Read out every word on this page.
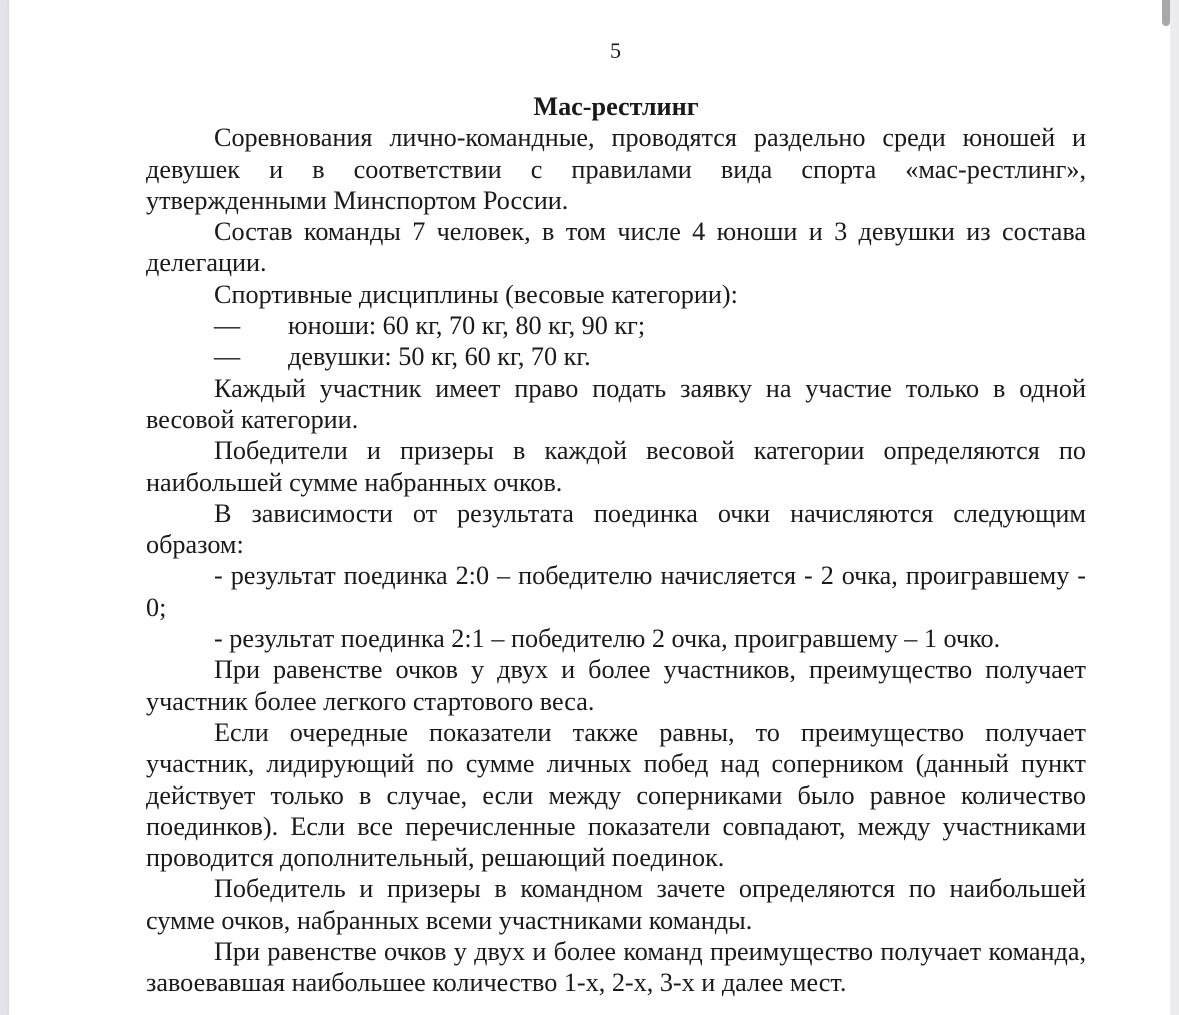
5
Мас-рестлинг

Соревнования лично-командные, проводятся раздельно среди юношей и девушек и в соответствии с правилами вида спорта «мас-рестлинг», утвержденными Минспортом России.

Состав команды 7 человек, в том числе 4 юноши и 3 девушки из состава делегации.

Спортивные дисциплины (весовые категории):

—	юноши: 60 кг, 70 кг, 80 кг, 90 кг;
—	девушки: 50 кг, 60 кг, 70 кг.

Каждый участник имеет право подать заявку на участие только в одной весовой категории.

Победители и призеры в каждой весовой категории определяются по наибольшей сумме набранных очков.

В зависимости от результата поединка очки начисляются следующим образом:

- результат поединка 2:0 – победителю начисляется - 2 очка, проигравшему - 0;

- результат поединка 2:1 – победителю 2 очка, проигравшему – 1 очко.

При равенстве очков у двух и более участников, преимущество получает участник более легкого стартового веса.

Если очередные показатели также равны, то преимущество получает участник, лидирующий по сумме личных побед над соперником (данный пункт действует только в случае, если между соперниками было равное количество поединков). Если все перечисленные показатели совпадают, между участниками проводится дополнительный, решающий поединок.

Победитель и призеры в командном зачете определяются по наибольшей сумме очков, набранных всеми участниками команды.

При равенстве очков у двух и более команд преимущество получает команда, завоевавшая наибольшее количество 1-х, 2-х, 3-х и далее мест.
